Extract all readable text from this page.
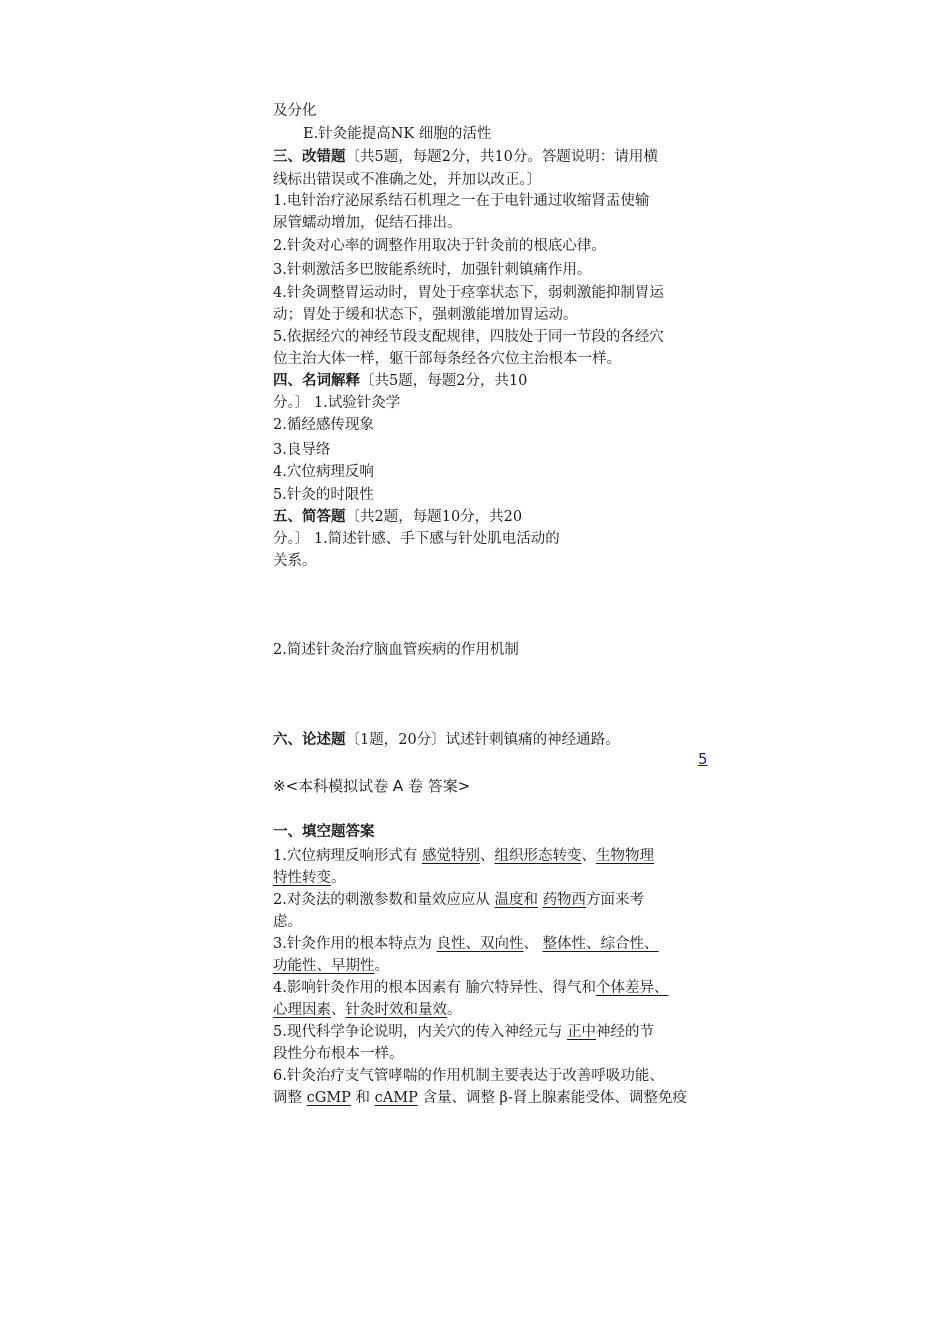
及分化
E.针灸能提高NK 细胞的活性
三、改错题〔共5题，每题2分，共10分。答题说明：请用横
线标出错误或不准确之处，并加以改正。〕
1.电针治疗泌尿系结石机理之一在于电针通过收缩肾盂使输
尿管蠕动增加，促结石排出。
2.针灸对心率的调整作用取决于针灸前的根底心律。
3.针刺激活多巴胺能系统时，加强针刺镇痛作用。
4.针灸调整胃运动时，胃处于痉挛状态下，弱刺激能抑制胃运
动；胃处于缓和状态下，强刺激能增加胃运动。
5.依据经穴的神经节段支配规律，四肢处于同一节段的各经穴
位主治大体一样，躯干部每条经各穴位主治根本一样。
四、名词解释〔共5题，每题2分，共10
分。〕 1.试验针灸学
2.循经感传现象
3.良导络
4.穴位病理反响
5.针灸的时限性
五、简答题〔共2题，每题10分，共20
分。〕 1.简述针感、手下感与针处肌电活动的
关系。
2.简述针灸治疗脑血管疾病的作用机制
六、论述题〔1题，20分〕试述针刺镇痛的神经通路。
5
※<本科模拟试卷 A 卷 答案>
一、填空题答案
1.穴位病理反响形式有 感觉特别、组织形态转变、生物物理
特性转变。
2.对灸法的刺激参数和量效应应从 温度和 药物西方面来考
虑。
3.针灸作用的根本特点为 良性、双向性、 整体性、综合性、
功能性、早期性。
4.影响针灸作用的根本因素有 腧穴特异性、得气和个体差异、
心理因素、针灸时效和量效。
5.现代科学争论说明，内关穴的传入神经元与 正中神经的节
段性分布根本一样。
6.针灸治疗支气管哮喘的作用机制主要表达于改善呼吸功能、
调整 cGMP 和 cAMP 含量、调整 β-肾上腺素能受体、调整免疫
